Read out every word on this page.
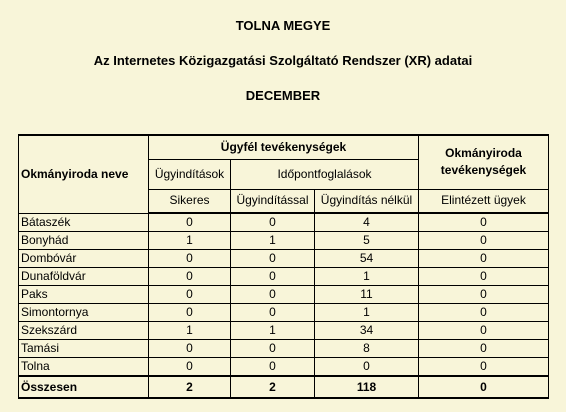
TOLNA MEGYE
Az Internetes Közigazgatási Szolgáltató Rendszer (XR) adatai
DECEMBER
Okmányiroda neve	Ügyfél tevékenységek			Okmányiroda tevékenységek
	Ügyindítások	Időpontfoglalások		
	Sikeres	Ügyindítással	Ügyindítás nélkül	Elintézett ügyek
Bátaszék	0	0	4	0
Bonyhád	1	1	5	0
Dombóvár	0	0	54	0
Dunaföldvár	0	0	1	0
Paks	0	0	11	0
Simontornya	0	0	1	0
Szekszárd	1	1	34	0
Tamási	0	0	8	0
Tolna	0	0	0	0
Összesen	2	2	118	0
